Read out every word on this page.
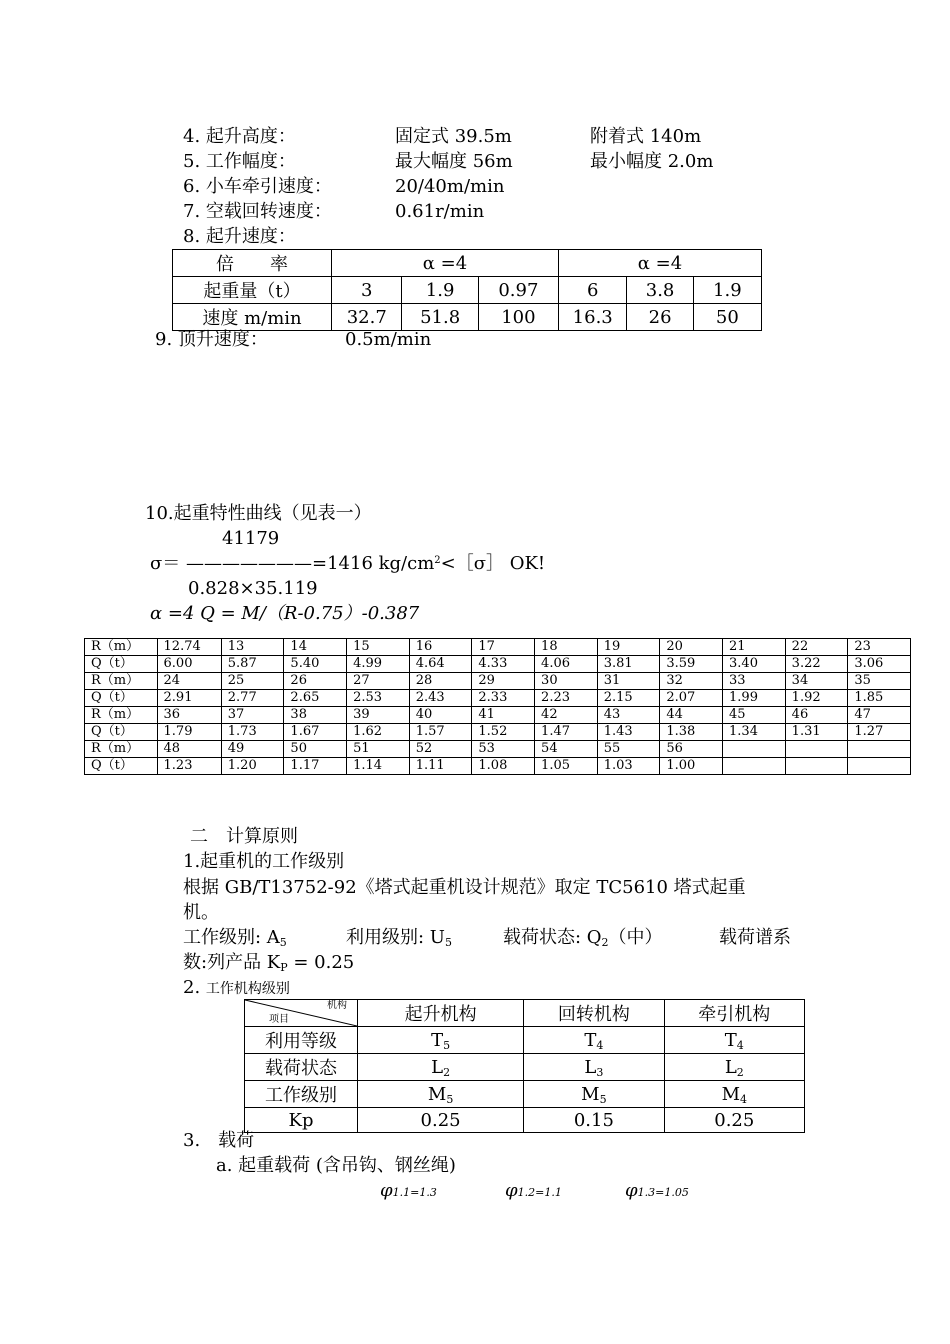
4. 起升高度：	固定式 39.5m	附着式 140m
5. 工作幅度：	最大幅度 56m	最小幅度 2.0m
6. 小车牵引速度：	20/40m/min
7. 空载回转速度：	0.61r/min
8. 起升速度：
倍　　率	α =4			α =4		
起重量（t）	3	1.9	0.97	6	3.8	1.9
速度 m/min	32.7	51.8	100	16.3	26	50
9. 顶升速度：	0.5m/min
10.起重特性曲线（见表一）
41179
σ＝ ———————=1416 $kg/cm^2<[\sigma]$ OK!
0.828×35.119
α =4 Q = M/（R-0.75）-0.387
R（m）	12.74	13	14	15	16	17	18	19	20	21	22	23
Q（t）	6.00	5.87	5.40	4.99	4.64	4.33	4.06	3.81	3.59	3.40	3.22	3.06
R（m）	24	25	26	27	28	29	30	31	32	33	34	35
Q（t）	2.91	2.77	2.65	2.53	2.43	2.33	2.23	2.15	2.07	1.99	1.92	1.85
R（m）	36	37	38	39	40	41	42	43	44	45	46	47
Q（t）	1.79	1.73	1.67	1.62	1.57	1.52	1.47	1.43	1.38	1.34	1.31	1.27
R（m）	48	49	50	51	52	53	54	55	56			
Q（t）	1.23	1.20	1.17	1.14	1.11	1.08	1.05	1.03	1.00			
二　计算原则
1.起重机的工作级别
根据 GB/T13752-92《塔式起重机设计规范》取定 TC5610 塔式起重
机。
工作级别: $A_5$	利用级别: $U_5$	载荷状态: $Q_2$（中）	载荷谱系
数:列产品 $K_P = 0.25$
2. 工作机构级别
机构
项目	起升机构	回转机构	牵引机构
利用等级	$T_5$	$T_4$	$T_4$
载荷状态	$L_2$	$L_3$	$L_2$
工作级别	$M_5$	$M_5$	$M_4$
Kp	0.25	0.15	0.25
3.　载荷
a. 起重载荷 (含吊钩、钢丝绳)
φ1.1=1.3	φ1.2=1.1	φ1.3=1.05
